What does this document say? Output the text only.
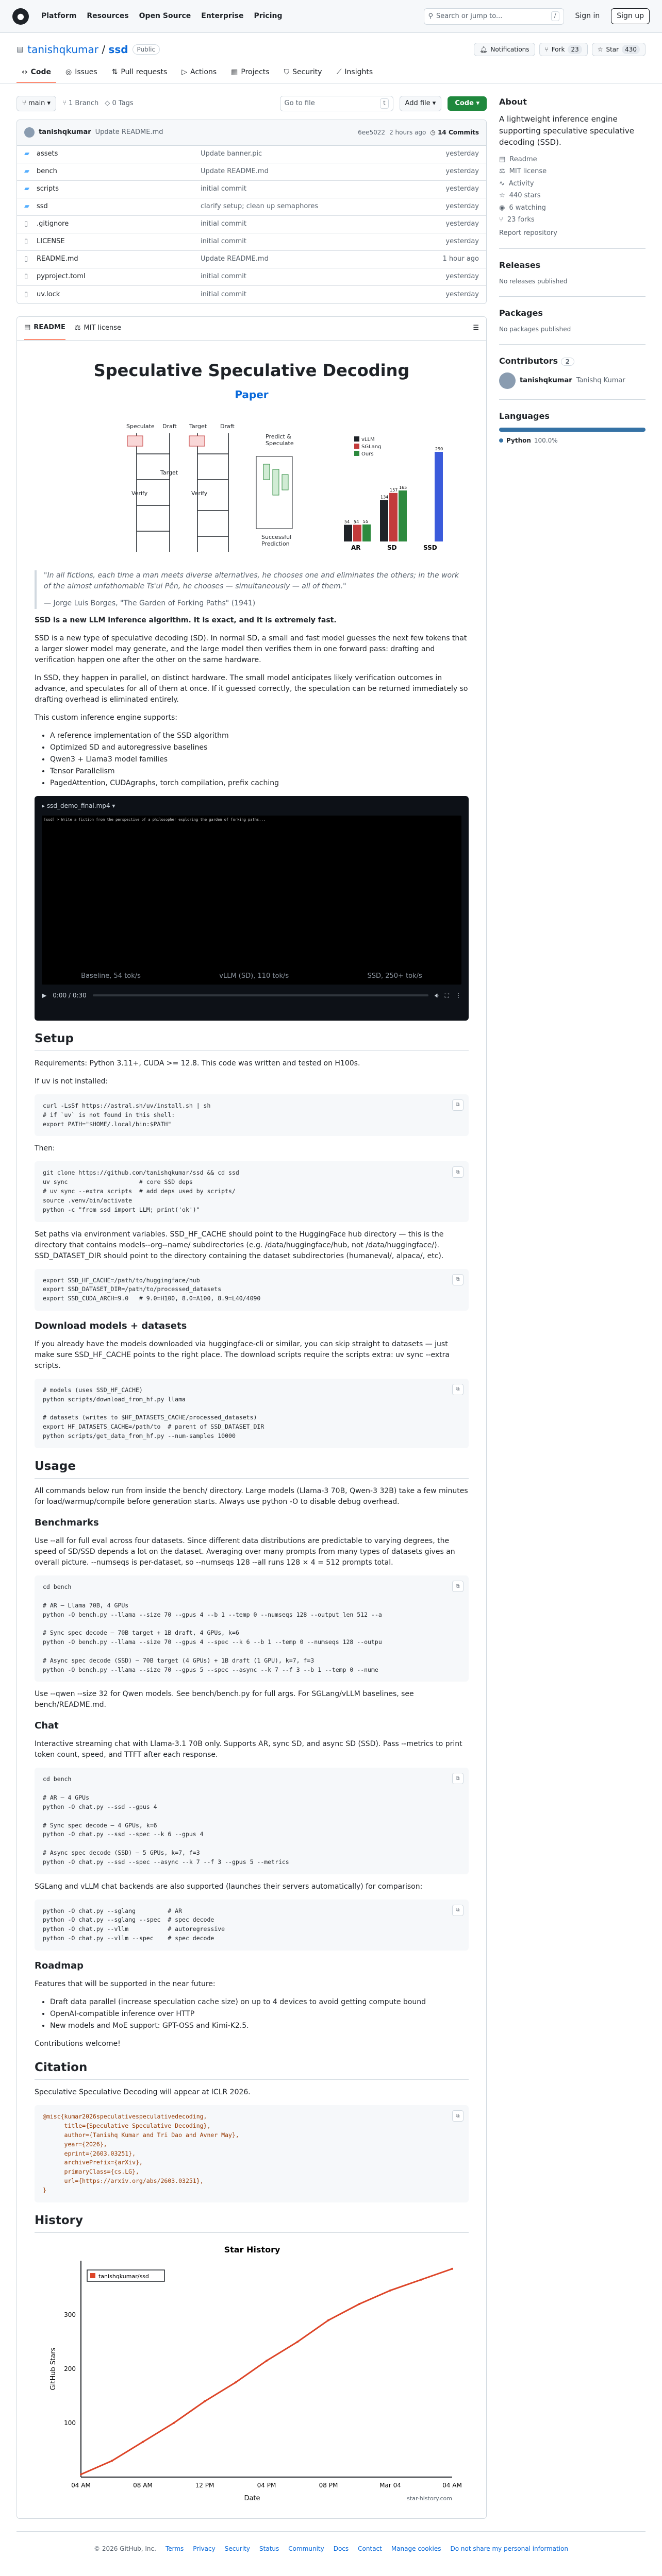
●	Platform Resources Open Source Enterprise Pricing	⚲ Search or jump to...	/	Sign in	Sign up
▤ tanishqkumar / ssd	Public	🔔︎ Notifications	⑂ Fork	23	☆ Star	430
‹› Code ◎ Issues ⇅ Pull requests ▷ Actions ▦ Projects ⛉ Security ⟋ Insights
⑂ main ▾	⑂ 1 Branch ◇ 0 Tags	Go to file	t	Add file ▾	Code ▾
tanishqkumar Update README.md	6ee5022 2 hours ago ◷ 14 Commits
▰	assets	Update banner.pic	yesterday
▰	bench	Update README.md	yesterday
▰	scripts	initial commit	yesterday
▰	ssd	clarify setup; clean up semaphores	yesterday
▯	.gitignore	initial commit	yesterday
▯	LICENSE	initial commit	yesterday
▯	README.md	Update README.md	1 hour ago
▯	pyproject.toml	initial commit	yesterday
▯	uv.lock	initial commit	yesterday
▤ README ⚖ MIT license	☰
Speculative Speculative Decoding
Paper
Speculate Draft Target Draft
Verify
Target
Verify
Predict &
Speculate
Successful
Prediction
54 54 55
AR
134
157
165
SD
290
SSD
vLLM
SGLang
Ours
"In all fictions, each time a man meets diverse alternatives, he chooses one and eliminates the others; in the work of the almost unfathomable Ts'ui Pên, he chooses — simultaneously — all of them."
— Jorge Luis Borges, "The Garden of Forking Paths" (1941)

SSD is a new LLM inference algorithm. It is exact, and it is extremely fast.

SSD is a new type of speculative decoding (SD). In normal SD, a small and fast model guesses the next few tokens that a larger slower model may generate, and the large model then verifies them in one forward pass: drafting and verification happen one after the other on the same hardware.

In SSD, they happen in parallel, on distinct hardware. The small model anticipates likely verification outcomes in advance, and speculates for all of them at once. If it guessed correctly, the speculation can be returned immediately so drafting overhead is eliminated entirely.

This custom inference engine supports:

• A reference implementation of the SSD algorithm
• Optimized SD and autoregressive baselines
• Qwen3 + Llama3 model families
• Tensor Parallelism
• PagedAttention, CUDAgraphs, torch compilation, prefix caching
▸ ssd_demo_final.mp4 ▾
[ssd] > Write a fiction from the perspective of a philosopher exploring the garden of forking paths...
Baseline, 54 tok/s	vLLM (SD), 110 tok/s	SSD, 250+ tok/s
▶ 0:00 / 0:30	🔊︎ ⛶ ⋮
Setup

Requirements: Python 3.11+, CUDA >= 12.8. This code was written and tested on H100s.

If uv is not installed:

⧉
curl -LsSf https://astral.sh/uv/install.sh | sh
# if `uv` is not found in this shell:
export PATH="$HOME/.local/bin:$PATH"

Then:

⧉
git clone https://github.com/tanishqkumar/ssd && cd ssd
uv sync                    # core SSD deps
# uv sync --extra scripts  # add deps used by scripts/
source .venv/bin/activate
python -c "from ssd import LLM; print('ok')"

Set paths via environment variables. SSD_HF_CACHE should point to the HuggingFace hub directory — this is the directory that contains models--org--name/ subdirectories (e.g. /data/huggingface/hub, not /data/huggingface/). SSD_DATASET_DIR should point to the directory containing the dataset subdirectories (humaneval/, alpaca/, etc).

⧉
export SSD_HF_CACHE=/path/to/huggingface/hub
export SSD_DATASET_DIR=/path/to/processed_datasets
export SSD_CUDA_ARCH=9.0   # 9.0=H100, 8.0=A100, 8.9=L40/4090
Download models + datasets

If you already have the models downloaded via huggingface-cli or similar, you can skip straight to datasets — just make sure SSD_HF_CACHE points to the right place. The download scripts require the scripts extra: uv sync --extra scripts.

⧉
# models (uses SSD_HF_CACHE)
python scripts/download_from_hf.py llama

# datasets (writes to $HF_DATASETS_CACHE/processed_datasets)
export HF_DATASETS_CACHE=/path/to  # parent of SSD_DATASET_DIR
python scripts/get_data_from_hf.py --num-samples 10000
Usage

All commands below run from inside the bench/ directory. Large models (Llama-3 70B, Qwen-3 32B) take a few minutes for load/warmup/compile before generation starts. Always use python -O to disable debug overhead.

Benchmarks

Use --all for full eval across four datasets. Since different data distributions are predictable to varying degrees, the speed of SD/SSD depends a lot on the dataset. Averaging over many prompts from many types of datasets gives an overall picture. --numseqs is per-dataset, so --numseqs 128 --all runs 128 × 4 = 512 prompts total.

⧉
cd bench

# AR — Llama 70B, 4 GPUs
python -O bench.py --llama --size 70 --gpus 4 --b 1 --temp 0 --numseqs 128 --output_len 512 --a

# Sync spec decode — 70B target + 1B draft, 4 GPUs, k=6
python -O bench.py --llama --size 70 --gpus 4 --spec --k 6 --b 1 --temp 0 --numseqs 128 --outpu

# Async spec decode (SSD) — 70B target (4 GPUs) + 1B draft (1 GPU), k=7, f=3
python -O bench.py --llama --size 70 --gpus 5 --spec --async --k 7 --f 3 --b 1 --temp 0 --nume

Use --qwen --size 32 for Qwen models. See bench/bench.py for full args. For SGLang/vLLM baselines, see bench/README.md.

Chat

Interactive streaming chat with Llama-3.1 70B only. Supports AR, sync SD, and async SD (SSD). Pass --metrics to print token count, speed, and TTFT after each response.

⧉
cd bench

# AR — 4 GPUs
python -O chat.py --ssd --gpus 4

# Sync spec decode — 4 GPUs, k=6
python -O chat.py --ssd --spec --k 6 --gpus 4

# Async spec decode (SSD) — 5 GPUs, k=7, f=3
python -O chat.py --ssd --spec --async --k 7 --f 3 --gpus 5 --metrics

SGLang and vLLM chat backends are also supported (launches their servers automatically) for comparison:

⧉
python -O chat.py --sglang         # AR
python -O chat.py --sglang --spec  # spec decode
python -O chat.py --vllm           # autoregressive
python -O chat.py --vllm --spec    # spec decode
Roadmap

Features that will be supported in the near future:

• Draft data parallel (increase speculation cache size) on up to 4 devices to avoid getting compute bound
• OpenAI-compatible inference over HTTP
• New models and MoE support: GPT-OSS and Kimi-K2.5.

Contributions welcome!

Citation

Speculative Speculative Decoding will appear at ICLR 2026.

⧉
@misc{kumar2026speculativespeculativedecoding,
title={Speculative Speculative Decoding},
author={Tanishq Kumar and Tri Dao and Avner May},
year={2026},
eprint={2603.03251},
archivePrefix={arXiv},
primaryClass={cs.LG},
url={https://arxiv.org/abs/2603.03251},
}
History
Star History
100
200
300
04 AM	08 AM	12 PM	04 PM	08 PM	Mar 04	04 AM
Date
GitHub Stars
tanishqkumar/ssd
star-history.com
About

A lightweight inference engine supporting speculative speculative decoding (SSD).

▤ Readme
⚖ MIT license
∿ Activity
☆ 440 stars
◉ 6 watching
⑂ 23 forks
Report repository
Releases

No releases published

Packages

No packages published

Contributors 2
tanishqkumar Tanishq Kumar
Languages
Python 100.0%
© 2026 GitHub, Inc. Terms Privacy Security Status Community Docs Contact Manage cookies Do not share my personal information
